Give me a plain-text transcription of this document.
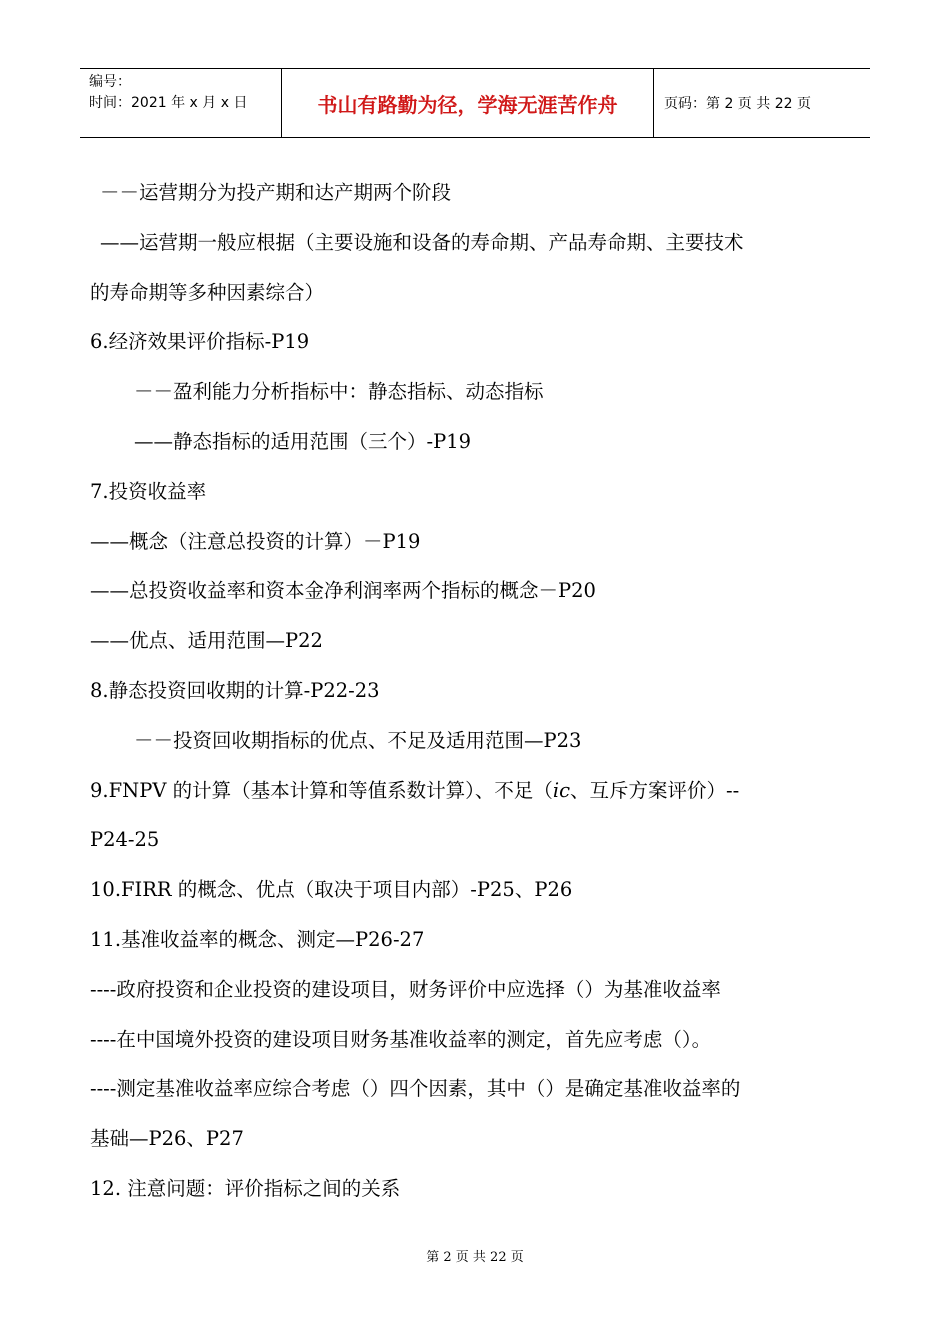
编号：
时间：2021 年 x 月 x 日	书山有路勤为径，学海无涯苦作舟	页码：第 2 页 共 22 页
－－运营期分为投产期和达产期两个阶段
——运营期一般应根据（主要设施和设备的寿命期、产品寿命期、主要技术
的寿命期等多种因素综合）
6.经济效果评价指标-P19
－－盈利能力分析指标中：静态指标、动态指标
——静态指标的适用范围（三个）-P19
7.投资收益率
——概念（注意总投资的计算）－P19
——总投资收益率和资本金净利润率两个指标的概念－P20
——优点、适用范围—P22
8.静态投资回收期的计算-P22-23
－－投资回收期指标的优点、不足及适用范围—P23
9.FNPV 的计算（基本计算和等值系数计算）、不足（ic、互斥方案评价）--
P24-25
10.FIRR 的概念、优点（取决于项目内部）-P25、P26
11.基准收益率的概念、测定—P26-27
----政府投资和企业投资的建设项目，财务评价中应选择（）为基准收益率
----在中国境外投资的建设项目财务基准收益率的测定，首先应考虑（）。
----测定基准收益率应综合考虑（）四个因素，其中（）是确定基准收益率的
基础—P26、P27
12. 注意问题：评价指标之间的关系
第 2 页 共 22 页
